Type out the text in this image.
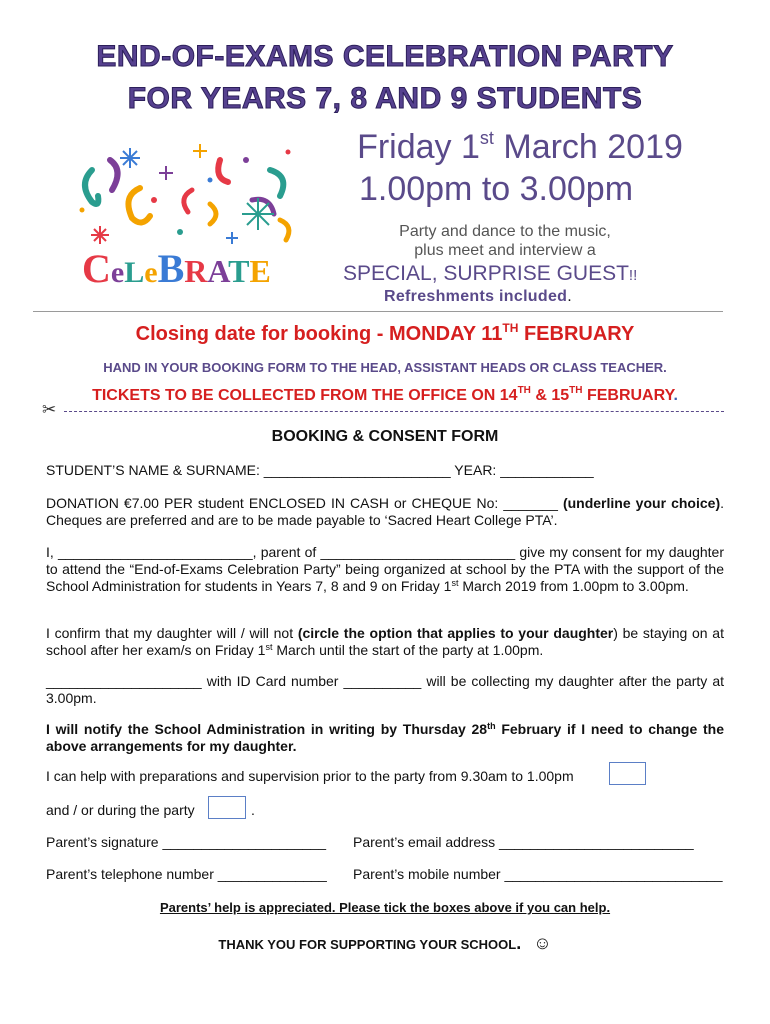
END-OF-EXAMS CELEBRATION PARTY
FOR YEARS 7, 8 AND 9 STUDENTS
CeLeBRATE
Friday 1st March 2019
1.00pm to 3.00pm
Party and dance to the music,
plus meet and interview a
SPECIAL, SURPRISE GUEST!!
Refreshments included.
Closing date for booking - MONDAY 11TH FEBRUARY
HAND IN YOUR BOOKING FORM TO THE HEAD, ASSISTANT HEADS OR CLASS TEACHER.
TICKETS TO BE COLLECTED FROM THE OFFICE ON 14TH & 15TH FEBRUARY.
✂
BOOKING & CONSENT FORM
STUDENT’S NAME & SURNAME: ________________________ YEAR: ____________
DONATION €7.00 PER student ENCLOSED IN CASH or CHEQUE No: _______ (underline your choice). Cheques are preferred and are to be made payable to ‘Sacred Heart College PTA’.
I, _________________________, parent of _________________________ give my consent for my daughter to attend the “End-of-Exams Celebration Party” being organized at school by the PTA with the support of the School Administration for students in Years 7, 8 and 9 on Friday 1st March 2019 from 1.00pm to 3.00pm.
I confirm that my daughter will / will not (circle the option that applies to your daughter) be staying on at school after her exam/s on Friday 1st March until the start of the party at 1.00pm.
____________________ with ID Card number __________ will be collecting my daughter after the party at 3.00pm.
I will notify the School Administration in writing by Thursday 28th February if I need to change the above arrangements for my daughter.
I can help with preparations and supervision prior to the party from 9.30am to 1.00pm
and / or during the party	.
Parent’s signature _____________________	Parent’s email address _________________________
Parent’s telephone number ______________	Parent’s mobile number ____________________________
Parents’ help is appreciated. Please tick the boxes above if you can help.
THANK YOU FOR SUPPORTING YOUR SCHOOL. ☺
